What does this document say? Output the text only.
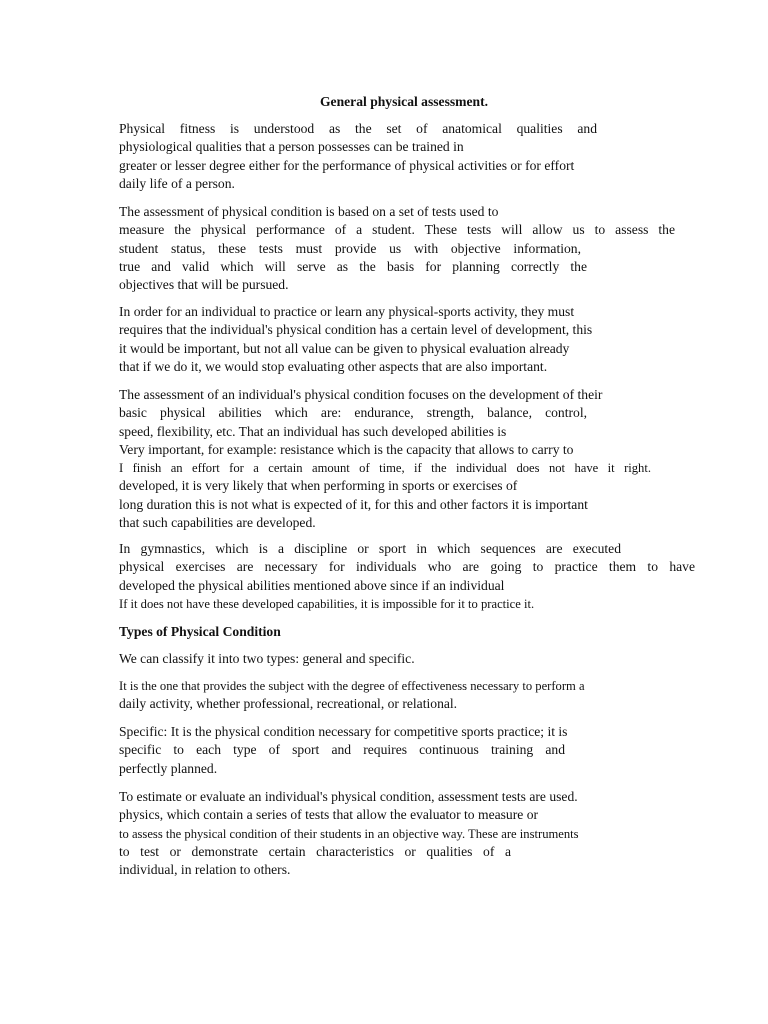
General physical assessment.
Physical fitness is understood as the set of anatomical qualities and
physiological qualities that a person possesses can be trained in
greater or lesser degree either for the performance of physical activities or for effort
daily life of a person.
The assessment of physical condition is based on a set of tests used to
measure the physical performance of a student. These tests will allow us to assess the
student status, these tests must provide us with objective information,
true and valid which will serve as the basis for planning correctly the
objectives that will be pursued.
In order for an individual to practice or learn any physical-sports activity, they must
requires that the individual's physical condition has a certain level of development, this
it would be important, but not all value can be given to physical evaluation already
that if we do it, we would stop evaluating other aspects that are also important.
The assessment of an individual's physical condition focuses on the development of their
basic physical abilities which are: endurance, strength, balance, control,
speed, flexibility, etc. That an individual has such developed abilities is
Very important, for example: resistance which is the capacity that allows to carry to
I finish an effort for a certain amount of time, if the individual does not have it right.
developed, it is very likely that when performing in sports or exercises of
long duration this is not what is expected of it, for this and other factors it is important
that such capabilities are developed.
In gymnastics, which is a discipline or sport in which sequences are executed
physical exercises are necessary for individuals who are going to practice them to have
developed the physical abilities mentioned above since if an individual
If it does not have these developed capabilities, it is impossible for it to practice it.
Types of Physical Condition
We can classify it into two types: general and specific.
It is the one that provides the subject with the degree of effectiveness necessary to perform a
daily activity, whether professional, recreational, or relational.
Specific: It is the physical condition necessary for competitive sports practice; it is
specific to each type of sport and requires continuous training and
perfectly planned.
To estimate or evaluate an individual's physical condition, assessment tests are used.
physics, which contain a series of tests that allow the evaluator to measure or
to assess the physical condition of their students in an objective way. These are instruments
to test or demonstrate certain characteristics or qualities of a
individual, in relation to others.
